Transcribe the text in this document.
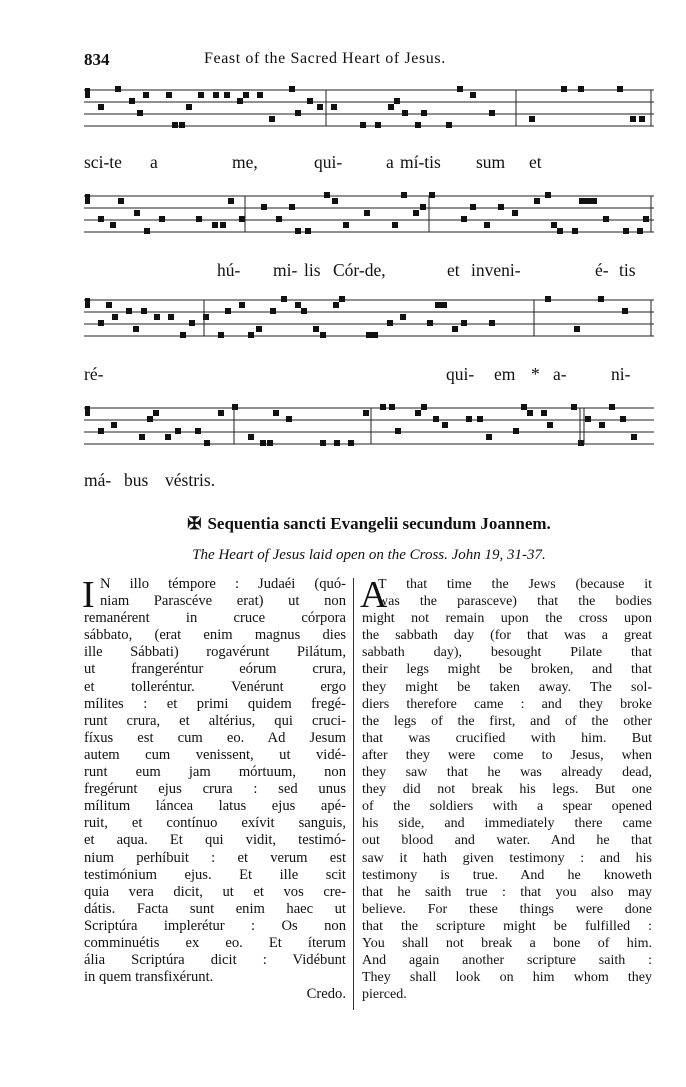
834	Feast of the Sacred Heart of Jesus.
sci-te a	me,	qui-	a mí-tis sum et
hú- mi- lis Cór-de,	et inveni-	é- tis
ré-	qui- em * a-	ni-
má- bus véstris.
✠ Sequentia sancti Evangelii secundum Joannem.
The Heart of Jesus laid open on the Cross. John 19, 31-37.
I N illo témpore : Judaéi (quó-
niam Parascéve erat) ut non
remanérent in cruce córpora
sábbato, (erat enim magnus dies
ille Sábbati) rogavérunt Pilátum,
ut frangeréntur eórum crura,
et tolleréntur. Venérunt ergo
mílites : et primi quidem fregé-
runt crura, et altérius, qui cruci-
fíxus est cum eo. Ad Jesum
autem cum venissent, ut vidé-
runt eum jam mórtuum, non
fregérunt ejus crura : sed unus
mílitum láncea latus ejus apé-
ruit, et contínuo exívit sanguis,
et aqua. Et qui vidit, testimó-
nium perhíbuit : et verum est
testimónium ejus. Et ille scit
quia vera dicit, ut et vos cre-
dátis. Facta sunt enim haec ut
Scriptúra implerétur : Os non
comminuétis ex eo. Et íterum
ália Scriptúra dicit : Vidébunt
in quem transfixérunt.
Credo.
A
T that time the Jews (because it
was the parasceve) that the bodies
might not remain upon the cross upon
the sabbath day (for that was a great
sabbath day), besought Pilate that
their legs might be broken, and that
they might be taken away. The sol-
diers therefore came : and they broke
the legs of the first, and of the other
that was crucified with him. But
after they were come to Jesus, when
they saw that he was already dead,
they did not break his legs. But one
of the soldiers with a spear opened
his side, and immediately there came
out blood and water. And he that
saw it hath given testimony : and his
testimony is true. And he knoweth
that he saith true : that you also may
believe. For these things were done
that the scripture might be fulfilled :
You shall not break a bone of him.
And again another scripture saith :
They shall look on him whom they
pierced.
